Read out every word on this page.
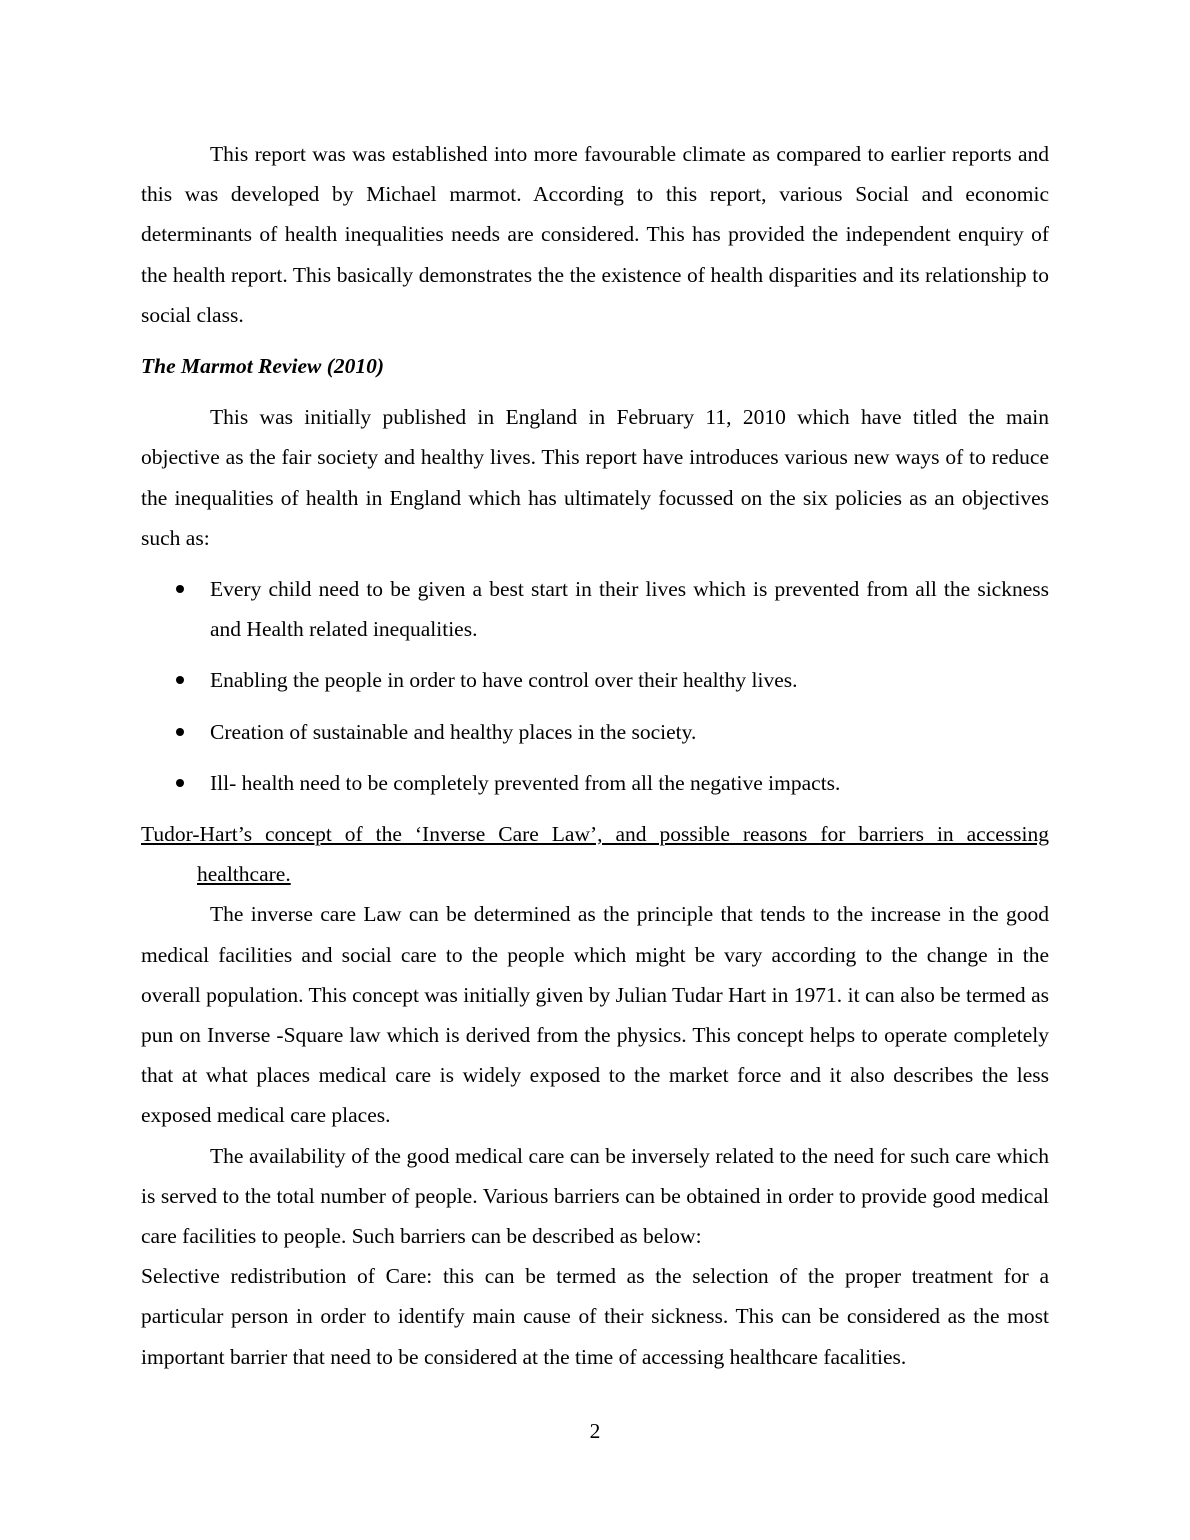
This report was was established into more favourable climate as compared to earlier reports and this was developed by Michael marmot. According to this report, various Social and economic determinants of health inequalities needs are considered. This has provided the independent enquiry of the health report. This basically demonstrates the the existence of health disparities and its relationship to social class.

The Marmot Review (2010)

This was initially published in England in February 11, 2010 which have titled the main objective as the fair society and healthy lives. This report have introduces various new ways of to reduce the inequalities of health in England which has ultimately focussed on the six policies as an objectives such as:

Every child need to be given a best start in their lives which is prevented from all the sickness and Health related inequalities.
Enabling the people in order to have control over their healthy lives.
Creation of sustainable and healthy places in the society.
Ill- health need to be completely prevented from all the negative impacts.

Tudor-Hart’s concept of the ‘Inverse Care Law’, and possible reasons for barriers in accessing healthcare.

The inverse care Law can be determined as the principle that tends to the increase in the good medical facilities and social care to the people which might be vary according to the change in the overall population. This concept was initially given by Julian Tudar Hart in 1971. it can also be termed as pun on Inverse -Square law which is derived from the physics. This concept helps to operate completely that at what places medical care is widely exposed to the market force and it also describes the less exposed medical care places.

The availability of the good medical care can be inversely related to the need for such care which is served to the total number of people. Various barriers can be obtained in order to provide good medical care facilities to people. Such barriers can be described as below:

Selective redistribution of Care: this can be termed as the selection of the proper treatment for a particular person in order to identify main cause of their sickness. This can be considered as the most important barrier that need to be considered at the time of accessing healthcare facalities.

2
